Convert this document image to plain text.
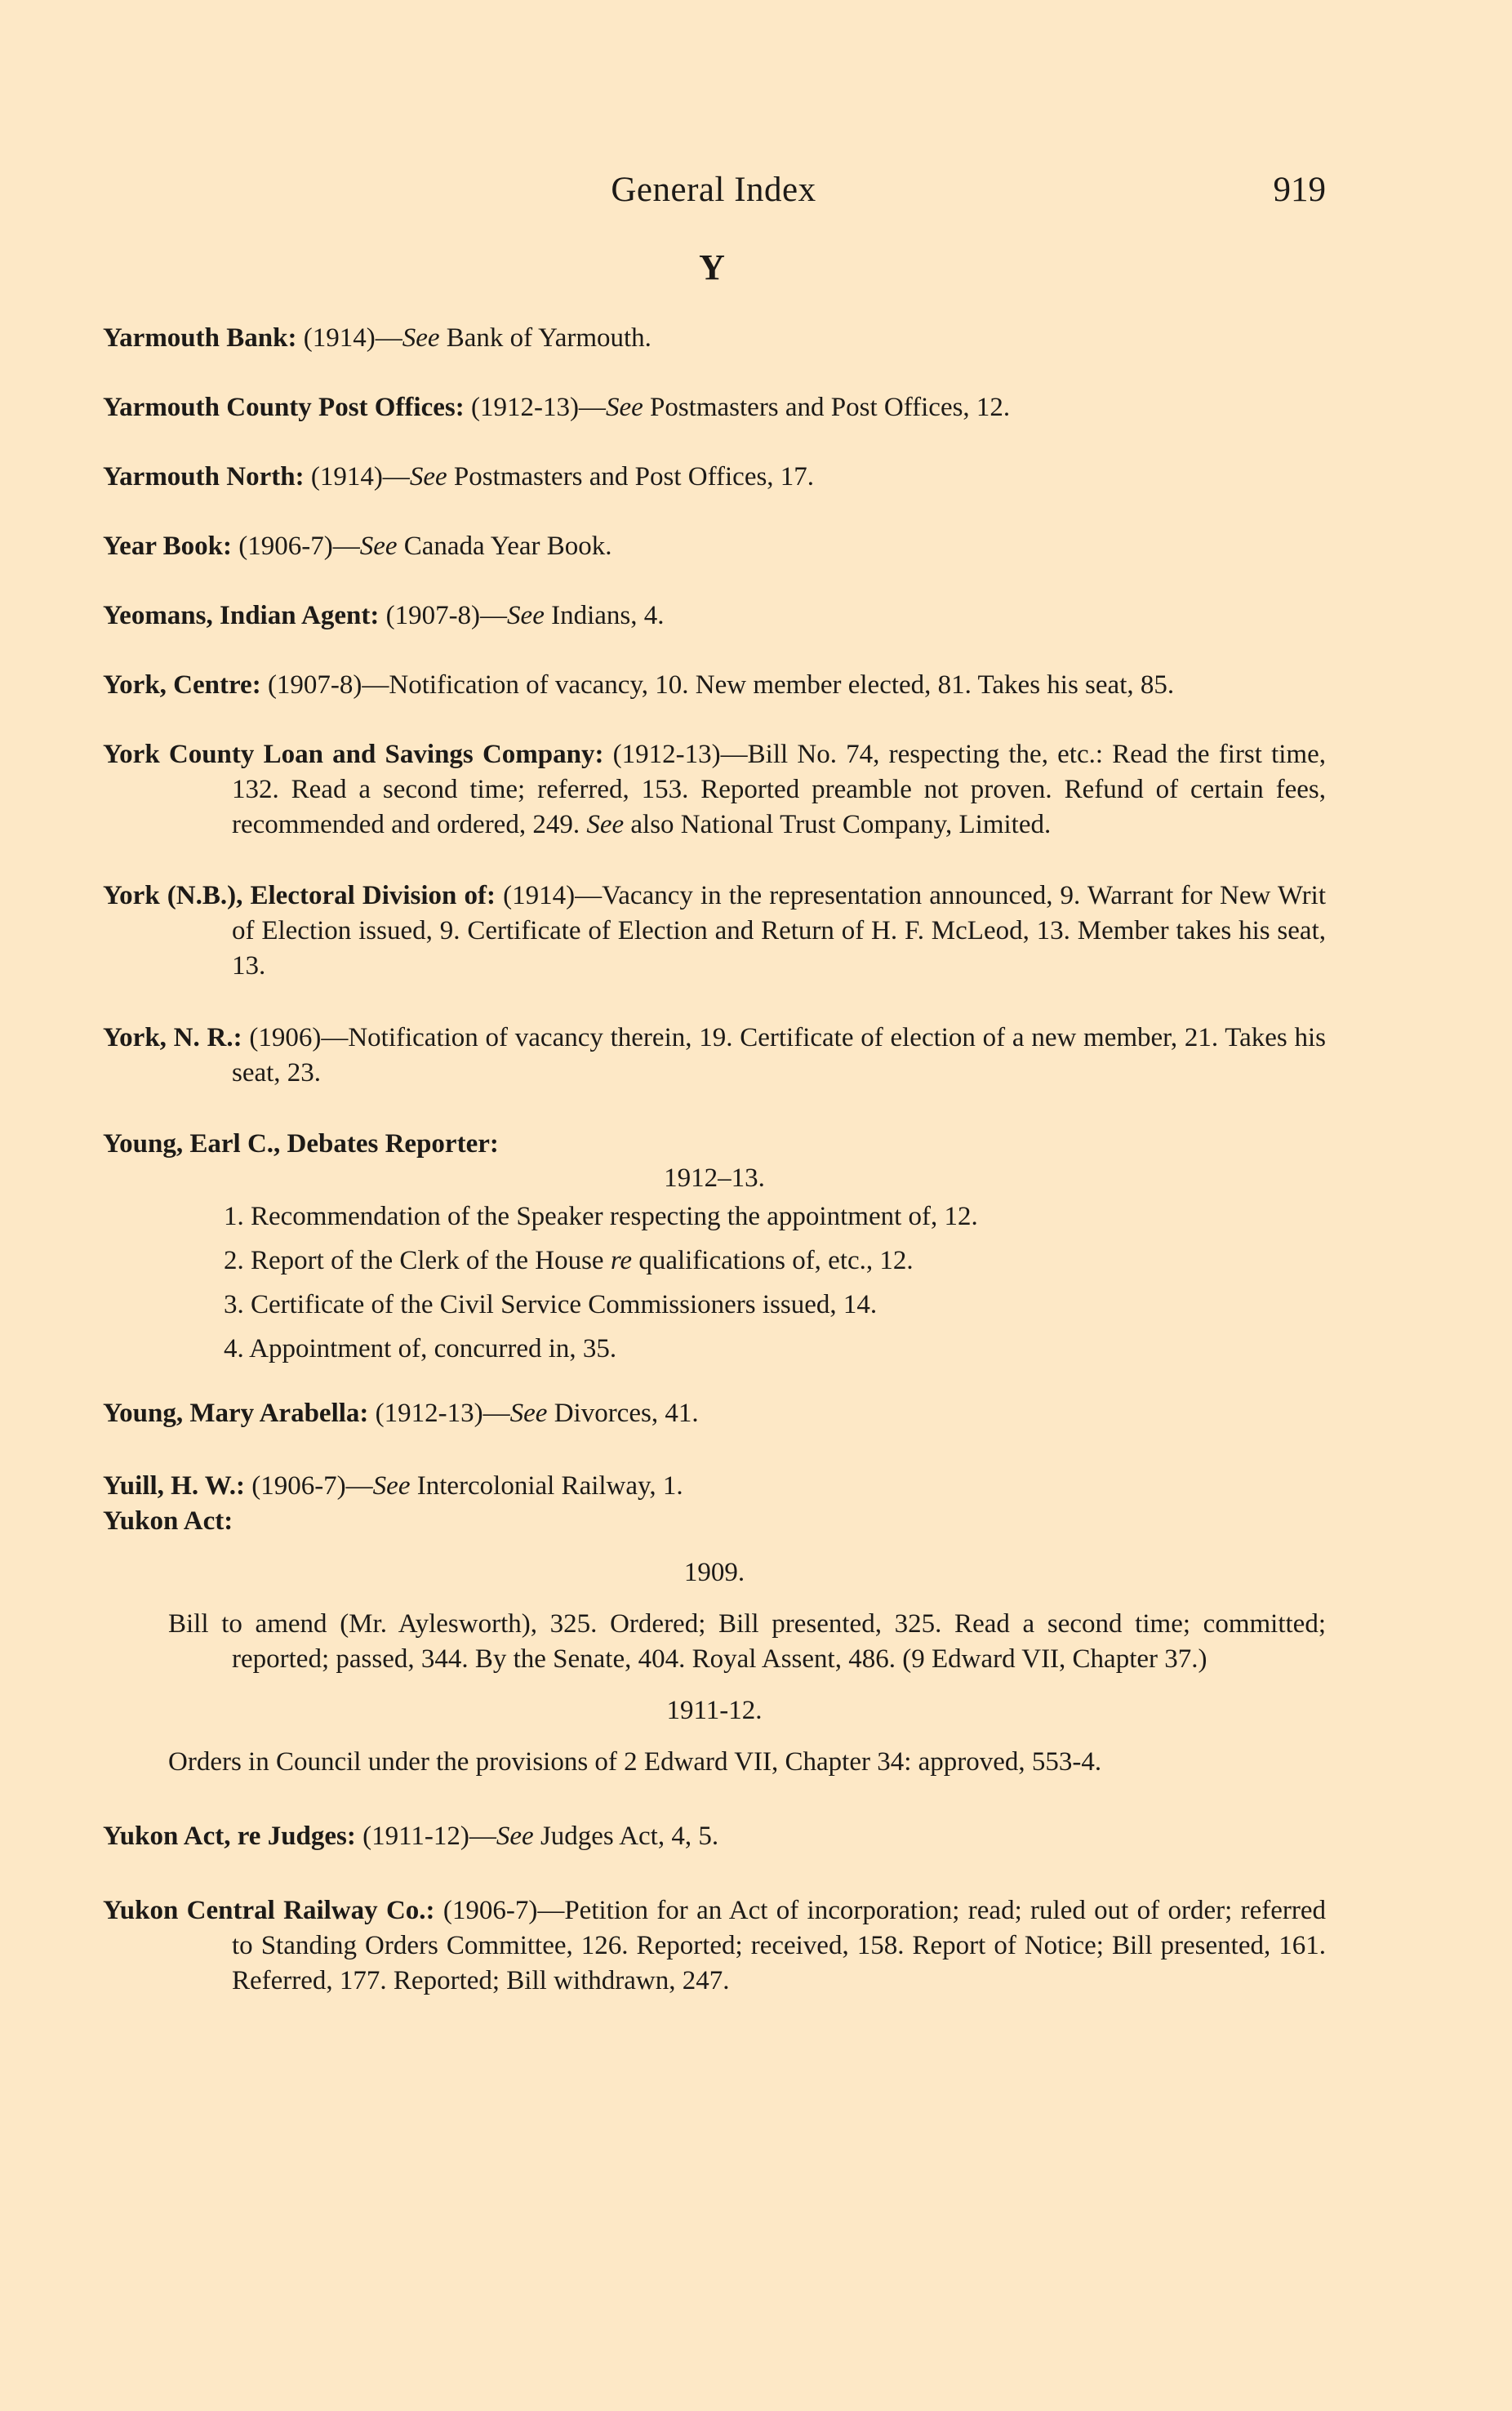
General Index	919
Y
Yarmouth Bank: (1914)—See Bank of Yarmouth.
Yarmouth County Post Offices: (1912-13)—See Postmasters and Post Offices, 12.
Yarmouth North: (1914)—See Postmasters and Post Offices, 17.
Year Book: (1906-7)—See Canada Year Book.
Yeomans, Indian Agent: (1907-8)—See Indians, 4.
York, Centre: (1907-8)—Notification of vacancy, 10. New member elected, 81. Takes his seat, 85.
York County Loan and Savings Company: (1912-13)—Bill No. 74, respecting the, etc.: Read the first time, 132. Read a second time; referred, 153. Reported preamble not proven. Refund of certain fees, recommended and ordered, 249. See also National Trust Company, Limited.
York (N.B.), Electoral Division of: (1914)—Vacancy in the representation announced, 9. Warrant for New Writ of Election issued, 9. Certificate of Election and Return of H. F. McLeod, 13. Member takes his seat, 13.
York, N. R.: (1906)—Notification of vacancy therein, 19. Certificate of election of a new member, 21. Takes his seat, 23.
Young, Earl C., Debates Reporter:
1912–13.
1. Recommendation of the Speaker respecting the appointment of, 12.
2. Report of the Clerk of the House re qualifications of, etc., 12.
3. Certificate of the Civil Service Commissioners issued, 14.
4. Appointment of, concurred in, 35.
Young, Mary Arabella: (1912-13)—See Divorces, 41.
Yuill, H. W.: (1906-7)—See Intercolonial Railway, 1.
Yukon Act:
1909.
Bill to amend (Mr. Aylesworth), 325. Ordered; Bill presented, 325. Read a second time; committed; reported; passed, 344. By the Senate, 404. Royal Assent, 486. (9 Edward VII, Chapter 37.)
1911-12.
Orders in Council under the provisions of 2 Edward VII, Chapter 34: approved, 553-4.
Yukon Act, re Judges: (1911-12)—See Judges Act, 4, 5.
Yukon Central Railway Co.: (1906-7)—Petition for an Act of incorporation; read; ruled out of order; referred to Standing Orders Committee, 126. Reported; received, 158. Report of Notice; Bill presented, 161. Referred, 177. Reported; Bill withdrawn, 247.
